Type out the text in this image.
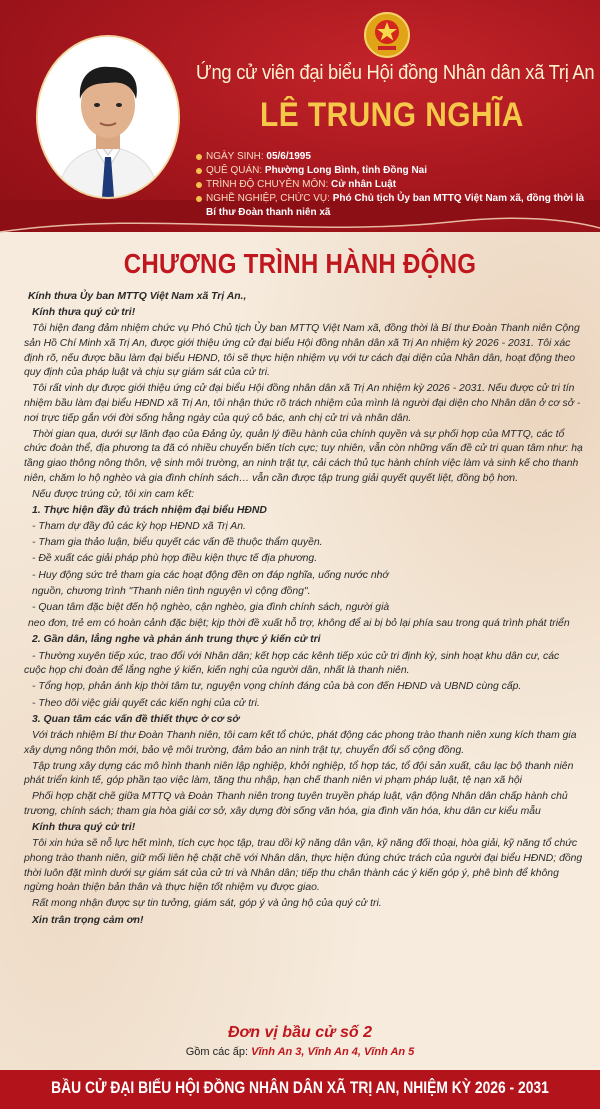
Ứng cử viên đại biểu Hội đồng Nhân dân xã Trị An
LÊ TRUNG NGHĨA
NGÀY SINH: 05/6/1995
QUÊ QUÁN: Phường Long Bình, tỉnh Đồng Nai
TRÌNH ĐỘ CHUYÊN MÔN: Cử nhân Luật
NGHỀ NGHIỆP, CHỨC VỤ: Phó Chủ tịch Ủy ban MTTQ Việt Nam xã, đồng thời là Bí thư Đoàn thanh niên xã
CHƯƠNG TRÌNH HÀNH ĐỘNG

Kính thưa Ủy ban MTTQ Việt Nam xã Trị An.,

Kính thưa quý cử tri!

Tôi hiện đang đảm nhiệm chức vụ Phó Chủ tịch Ủy ban MTTQ Việt Nam xã, đồng thời là Bí thư Đoàn Thanh niên Cộng sản Hồ Chí Minh xã Trị An, được giới thiệu ứng cử đại biểu Hội đồng nhân dân xã Trị An nhiệm kỳ 2026 - 2031. Tôi xác định rõ, nếu được bầu làm đại biểu HĐND, tôi sẽ thực hiện nhiệm vụ với tư cách đại diện của Nhân dân, hoạt động theo quy định của pháp luật và chịu sự giám sát của cử tri.

Tôi rất vinh dự được giới thiệu ứng cử đại biểu Hội đồng nhân dân xã Trị An nhiệm kỳ 2026 - 2031. Nếu được cử tri tín nhiệm bầu làm đại biểu HĐND xã Trị An, tôi nhận thức rõ trách nhiệm của mình là người đại diện cho Nhân dân ở cơ sở - nơi trực tiếp gắn với đời sống hằng ngày của quý cô bác, anh chị cử tri và nhân dân.

Thời gian qua, dưới sự lãnh đạo của Đảng ủy, quản lý điều hành của chính quyền và sự phối hợp của MTTQ, các tổ chức đoàn thể, địa phương ta đã có nhiều chuyển biến tích cực; tuy nhiên, vẫn còn những vấn đề cử tri quan tâm như: hạ tầng giao thông nông thôn, vệ sinh môi trường, an ninh trật tự, cải cách thủ tục hành chính việc làm và sinh kế cho thanh niên, chăm lo hộ nghèo và gia đình chính sách… vẫn cần được tập trung giải quyết quyết liệt, đồng bộ hơn.

Nếu được trúng cử, tôi xin cam kết:

1. Thực hiện đầy đủ trách nhiệm đại biểu HĐND

- Tham dự đầy đủ các kỳ họp HĐND xã Trị An.

- Tham gia thảo luận, biểu quyết các vấn đề thuộc thẩm quyền.

- Đề xuất các giải pháp phù hợp điều kiện thực tế địa phương.

- Huy động sức trẻ tham gia các hoạt động đền ơn đáp nghĩa, uống nước nhớ

nguồn, chương trình "Thanh niên tình nguyện vì cộng đồng".

- Quan tâm đặc biệt đến hộ nghèo, cận nghèo, gia đình chính sách, người già

neo đơn, trẻ em có hoàn cảnh đặc biệt; kịp thời đề xuất hỗ trợ, không để ai bị bỏ lại phía sau trong quá trình phát triển

2. Gần dân, lắng nghe và phản ánh trung thực ý kiến cử tri

- Thường xuyên tiếp xúc, trao đổi với Nhân dân; kết hợp các kênh tiếp xúc cử tri định kỳ, sinh hoạt khu dân cư, các cuộc họp chi đoàn để lắng nghe ý kiến, kiến nghị của người dân, nhất là thanh niên.

- Tổng hợp, phản ánh kịp thời tâm tư, nguyện vọng chính đáng của bà con đến HĐND và UBND cùng cấp.

- Theo dõi việc giải quyết các kiến nghị của cử tri.

3. Quan tâm các vấn đề thiết thực ở cơ sở

Với trách nhiệm Bí thư Đoàn Thanh niên, tôi cam kết tổ chức, phát động các phong trào thanh niên xung kích tham gia xây dựng nông thôn mới, bảo vệ môi trường, đảm bảo an ninh trật tự, chuyển đổi số cộng đồng.

Tập trung xây dựng các mô hình thanh niên lập nghiệp, khởi nghiệp, tổ hợp tác, tổ đội sản xuất, câu lạc bộ thanh niên phát triển kinh tế, góp phần tạo việc làm, tăng thu nhập, hạn chế thanh niên vi phạm pháp luật, tệ nạn xã hội

Phối hợp chặt chẽ giữa MTTQ và Đoàn Thanh niên trong tuyên truyền pháp luật, vận động Nhân dân chấp hành chủ trương, chính sách; tham gia hòa giải cơ sở, xây dựng đời sống văn hóa, gia đình văn hóa, khu dân cư kiểu mẫu

Kính thưa quý cử tri!

Tôi xin hứa sẽ nỗ lực hết mình, tích cực học tập, trau dồi kỹ năng dân vận, kỹ năng đối thoại, hòa giải, kỹ năng tổ chức phong trào thanh niên, giữ mối liên hệ chặt chẽ với Nhân dân, thực hiện đúng chức trách của người đại biểu HĐND; đồng thời luôn đặt mình dưới sự giám sát của cử tri và Nhân dân; tiếp thu chân thành các ý kiến góp ý, phê bình để không ngừng hoàn thiện bản thân và thực hiện tốt nhiệm vụ được giao.

Rất mong nhận được sự tin tưởng, giám sát, góp ý và ủng hộ của quý cử tri.

Xin trân trọng cảm ơn!

Đơn vị bầu cử số 2
Gồm các ấp: Vĩnh An 3, Vĩnh An 4, Vĩnh An 5
BẦU CỬ ĐẠI BIỂU HỘI ĐỒNG NHÂN DÂN XÃ TRỊ AN, NHIỆM KỲ 2026 - 2031
